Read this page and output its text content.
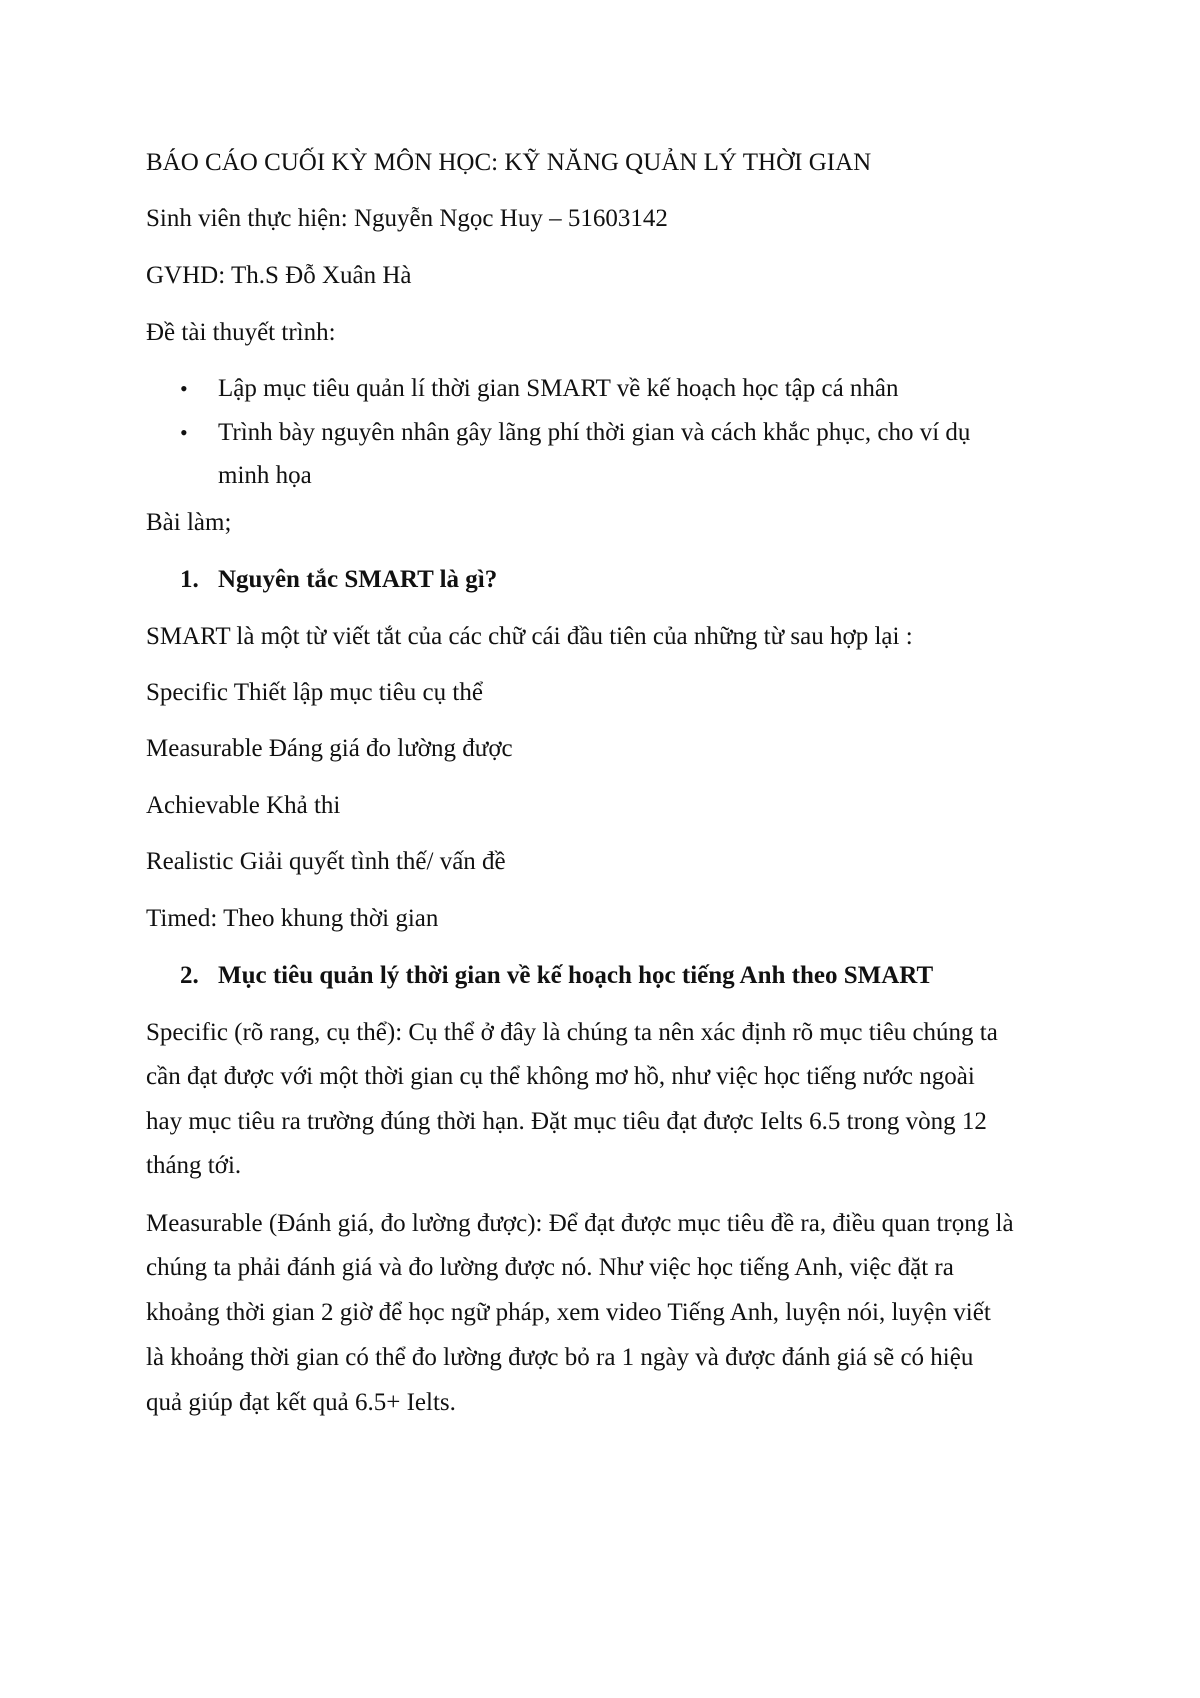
BÁO CÁO CUỐI KỲ MÔN HỌC: KỸ NĂNG QUẢN LÝ THỜI GIAN
Sinh viên thực hiện: Nguyễn Ngọc Huy – 51603142
GVHD: Th.S Đỗ Xuân Hà
Đề tài thuyết trình:
• Lập mục tiêu quản lí thời gian SMART về kế hoạch học tập cá nhân
• Trình bày nguyên nhân gây lãng phí thời gian và cách khắc phục, cho ví dụ
minh họa
Bài làm;
1. Nguyên tắc SMART là gì?
SMART là một từ viết tắt của các chữ cái đầu tiên của những từ sau hợp lại :
Specific Thiết lập mục tiêu cụ thể
Measurable Đáng giá đo lường được
Achievable Khả thi
Realistic Giải quyết tình thế/ vấn đề
Timed: Theo khung thời gian
2. Mục tiêu quản lý thời gian về kế hoạch học tiếng Anh theo SMART
Specific (rõ rang, cụ thể): Cụ thể ở đây là chúng ta nên xác định rõ mục tiêu chúng ta
cần đạt được với một thời gian cụ thể không mơ hồ, như việc học tiếng nước ngoài
hay mục tiêu ra trường đúng thời hạn. Đặt mục tiêu đạt được Ielts 6.5 trong vòng 12
tháng tới.
Measurable (Đánh giá, đo lường được): Để đạt được mục tiêu đề ra, điều quan trọng là
chúng ta phải đánh giá và đo lường được nó. Như việc học tiếng Anh, việc đặt ra
khoảng thời gian 2 giờ để học ngữ pháp, xem video Tiếng Anh, luyện nói, luyện viết
là khoảng thời gian có thể đo lường được bỏ ra 1 ngày và được đánh giá sẽ có hiệu
quả giúp đạt kết quả 6.5+ Ielts.
